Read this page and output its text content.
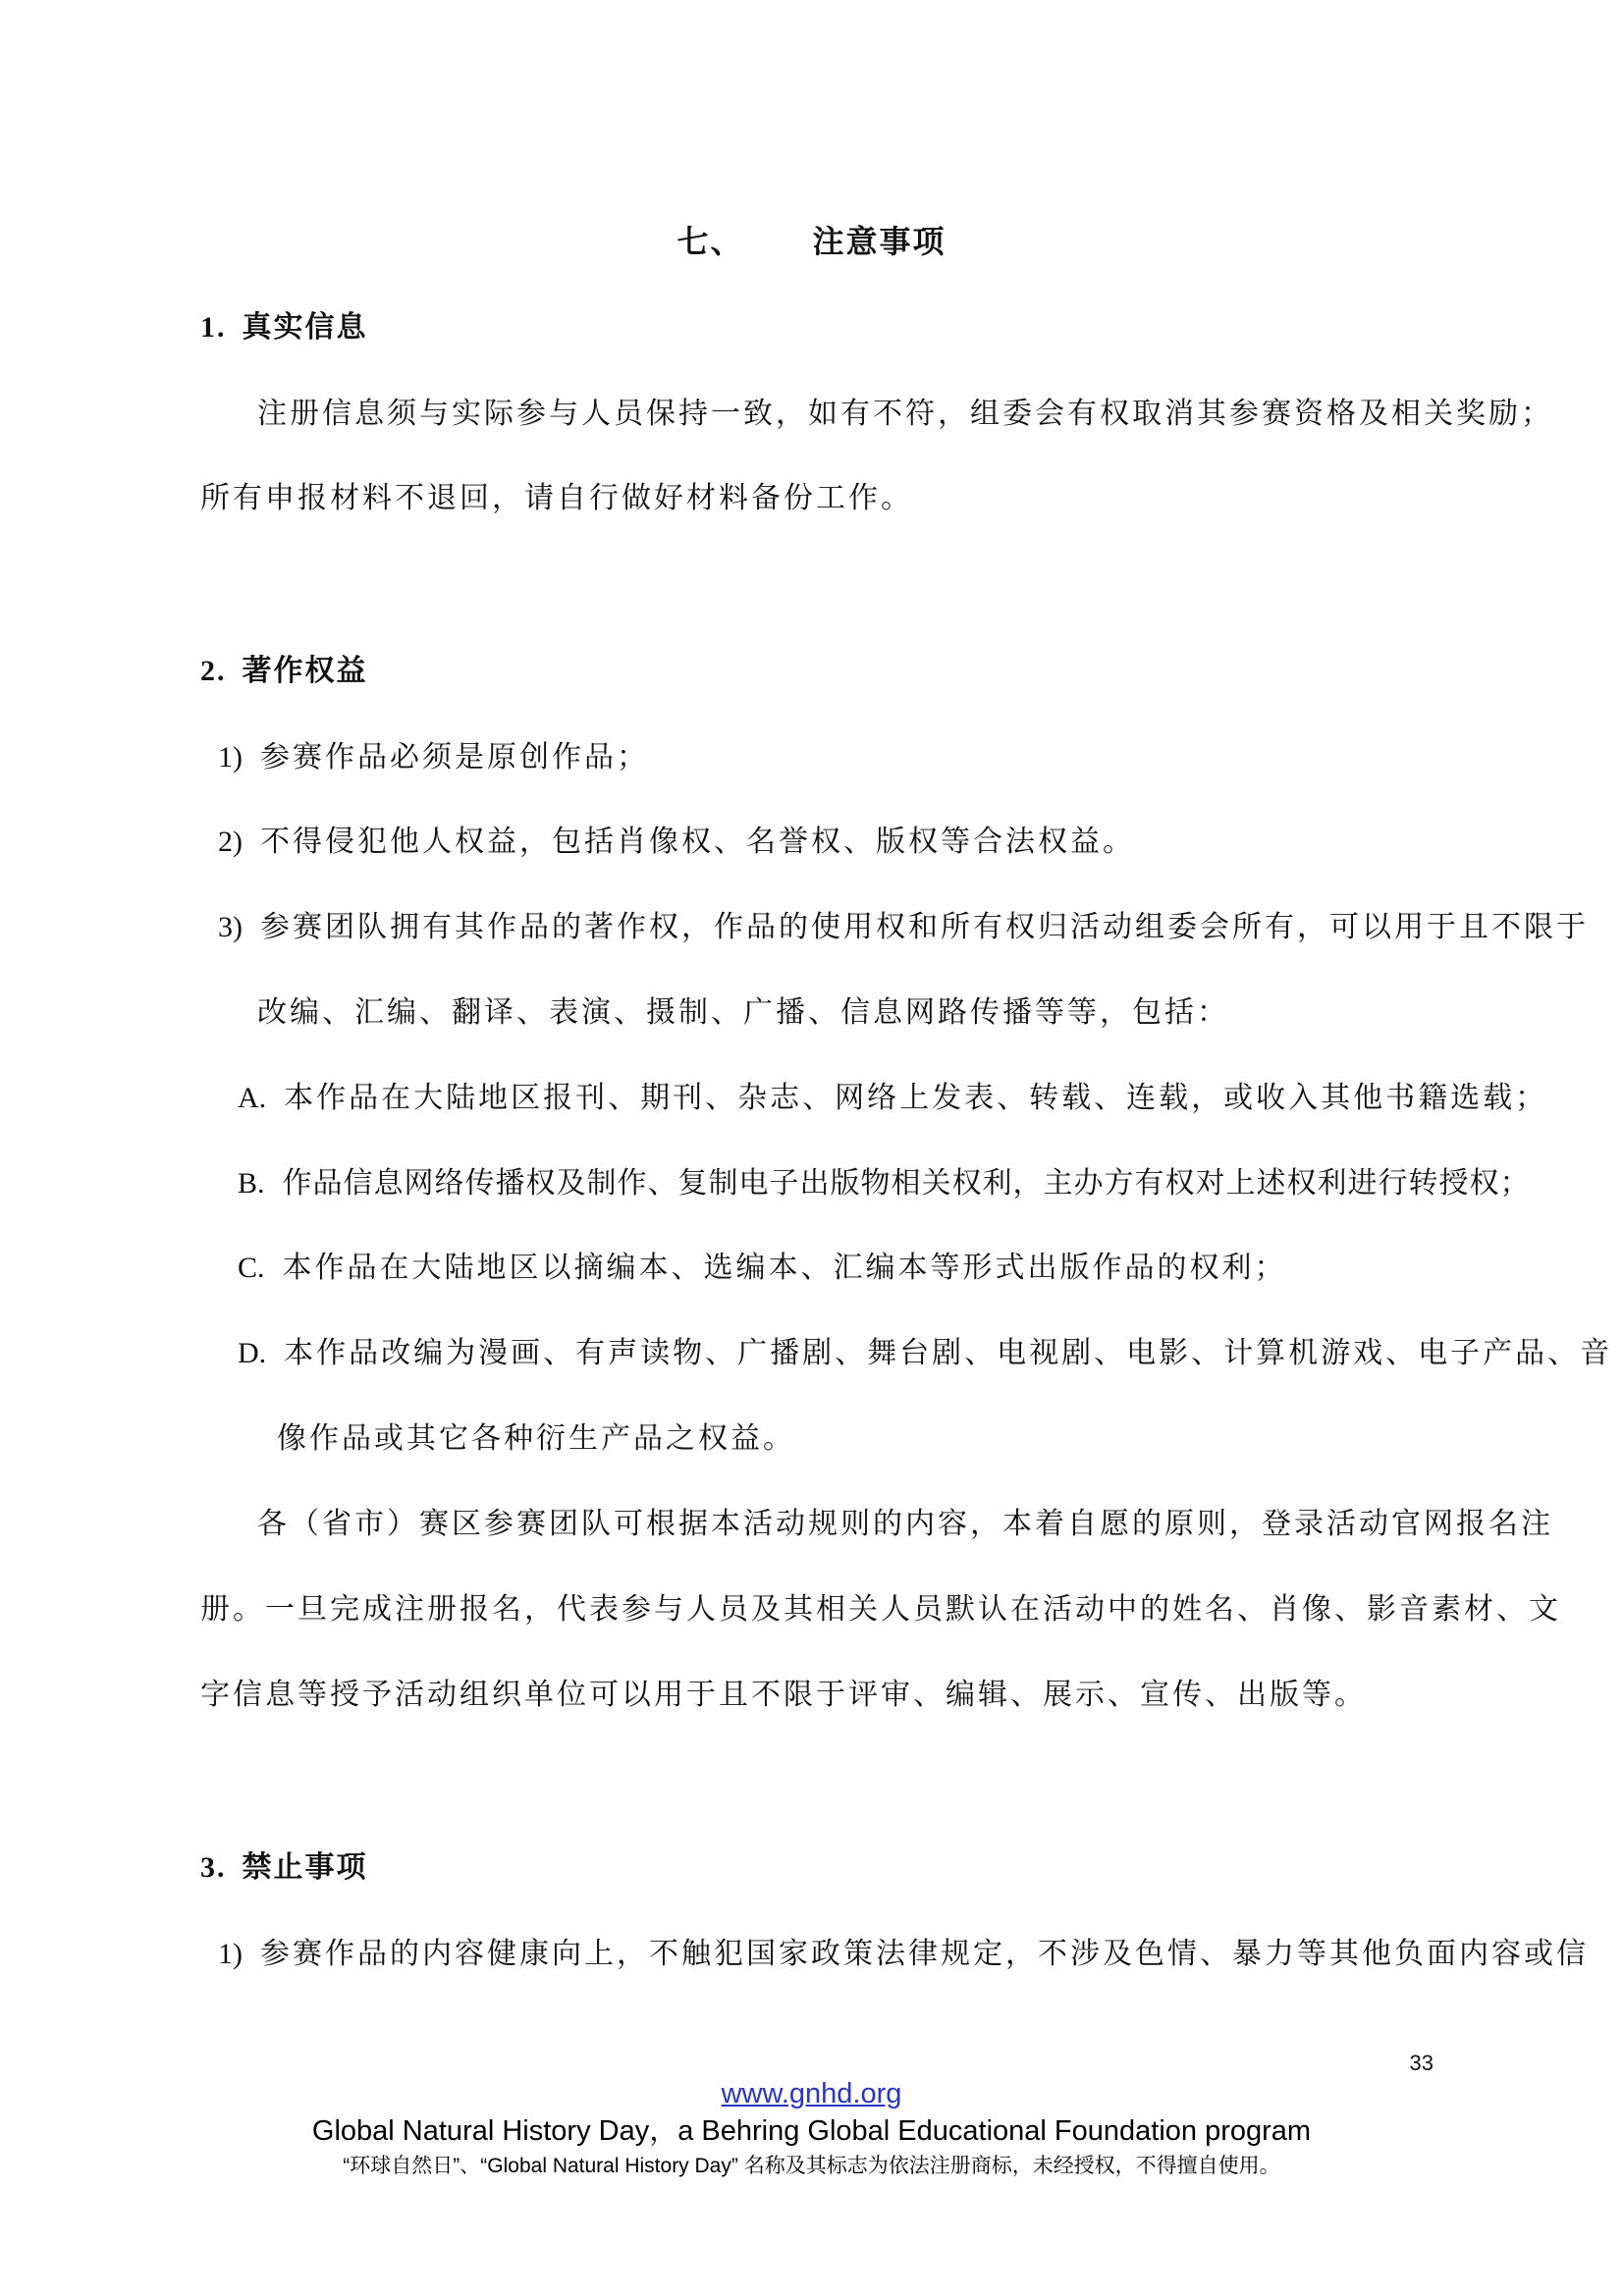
七、 注意事项
1. 真实信息
注册信息须与实际参与人员保持一致，如有不符，组委会有权取消其参赛资格及相关奖励；
所有申报材料不退回，请自行做好材料备份工作。
2. 著作权益
1) 参赛作品必须是原创作品；
2) 不得侵犯他人权益，包括肖像权、名誉权、版权等合法权益。
3) 参赛团队拥有其作品的著作权，作品的使用权和所有权归活动组委会所有，可以用于且不限于
改编、汇编、翻译、表演、摄制、广播、信息网路传播等等，包括：
A. 本作品在大陆地区报刊、期刊、杂志、网络上发表、转载、连载，或收入其他书籍选载；
B. 作品信息网络传播权及制作、复制电子出版物相关权利，主办方有权对上述权利进行转授权；
C. 本作品在大陆地区以摘编本、选编本、汇编本等形式出版作品的权利；
D. 本作品改编为漫画、有声读物、广播剧、舞台剧、电视剧、电影、计算机游戏、电子产品、音
像作品或其它各种衍生产品之权益。
各（省市）赛区参赛团队可根据本活动规则的内容，本着自愿的原则，登录活动官网报名注
册。一旦完成注册报名，代表参与人员及其相关人员默认在活动中的姓名、肖像、影音素材、文
字信息等授予活动组织单位可以用于且不限于评审、编辑、展示、宣传、出版等。
3. 禁止事项
1) 参赛作品的内容健康向上，不触犯国家政策法律规定，不涉及色情、暴力等其他负面内容或信
33
www.gnhd.org
Global Natural History Day，a Behring Global Educational Foundation program
“环球自然日”、“Global Natural History Day” 名称及其标志为依法注册商标，未经授权，不得擅自使用。
